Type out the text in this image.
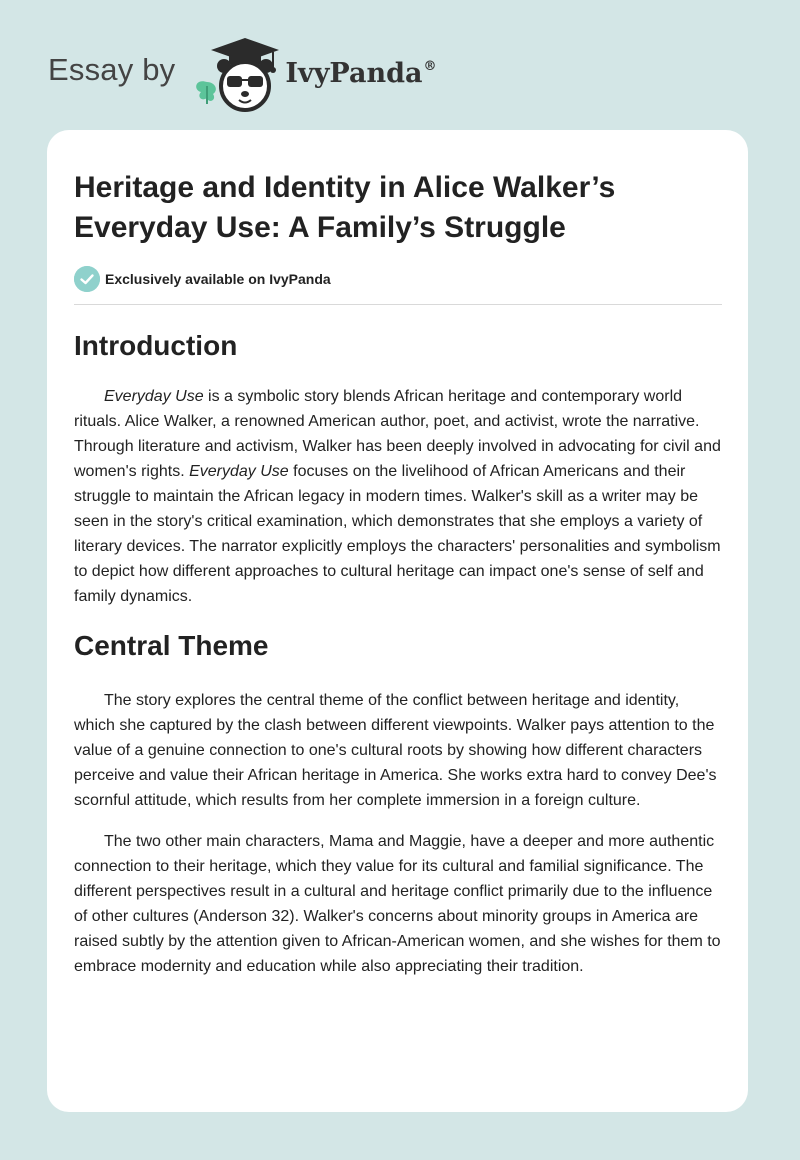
Essay by	IvyPanda®
Heritage and Identity in Alice Walker’s
Everyday Use: A Family’s Struggle
Exclusively available on IvyPanda
Introduction

Everyday Use is a symbolic story blends African heritage and contemporary world rituals. Alice Walker, a renowned American author, poet, and activist, wrote the narrative. Through literature and activism, Walker has been deeply involved in advocating for civil and women's rights. Everyday Use focuses on the livelihood of African Americans and their struggle to maintain the African legacy in modern times. Walker's skill as a writer may be seen in the story's critical examination, which demonstrates that she employs a variety of literary devices. The narrator explicitly employs the characters' personalities and symbolism to depict how different approaches to cultural heritage can impact one's sense of self and family dynamics.

Central Theme

The story explores the central theme of the conflict between heritage and identity, which she captured by the clash between different viewpoints. Walker pays attention to the value of a genuine connection to one's cultural roots by showing how different characters perceive and value their African heritage in America. She works extra hard to convey Dee's scornful attitude, which results from her complete immersion in a foreign culture.

The two other main characters, Mama and Maggie, have a deeper and more authentic connection to their heritage, which they value for its cultural and familial significance. The different perspectives result in a cultural and heritage conflict primarily due to the influence of other cultures (Anderson 32). Walker's concerns about minority groups in America are raised subtly by the attention given to African-American women, and she wishes for them to embrace modernity and education while also appreciating their tradition.
